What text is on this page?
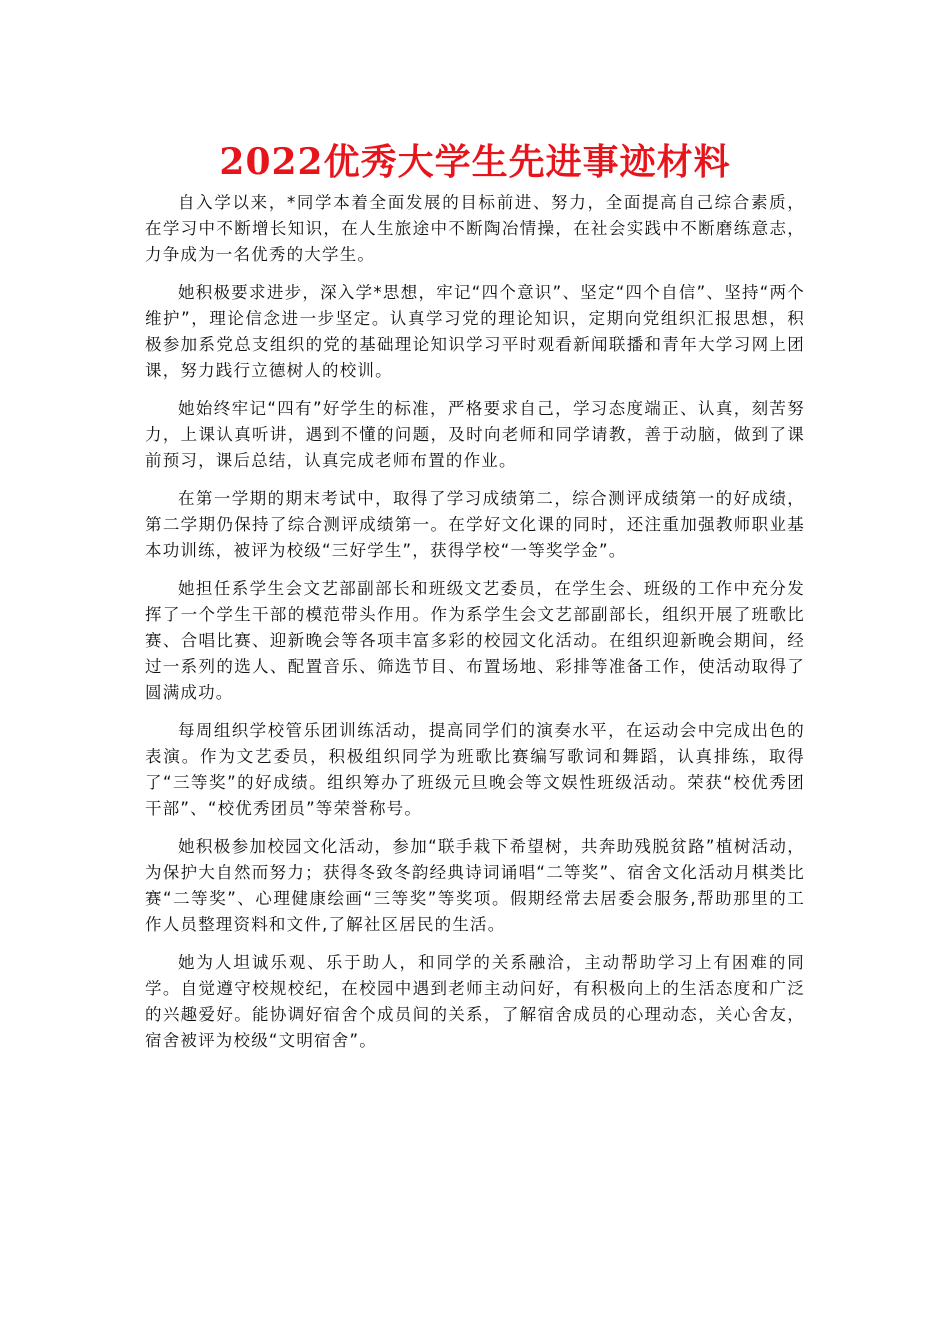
2022优秀大学生先进事迹材料

自入学以来，*同学本着全面发展的目标前进、努力，全面提高自己综合素质，在学习中不断增长知识，在人生旅途中不断陶冶情操，在社会实践中不断磨练意志，力争成为一名优秀的大学生。

她积极要求进步，深入学*思想，牢记“四个意识”、坚定“四个自信”、坚持“两个维护”，理论信念进一步坚定。认真学习党的理论知识，定期向党组织汇报思想，积极参加系党总支组织的党的基础理论知识学习平时观看新闻联播和青年大学习网上团课，努力践行立德树人的校训。

她始终牢记“四有”好学生的标准，严格要求自己，学习态度端正、认真，刻苦努力，上课认真听讲，遇到不懂的问题，及时向老师和同学请教，善于动脑，做到了课前预习，课后总结，认真完成老师布置的作业。

在第一学期的期末考试中，取得了学习成绩第二，综合测评成绩第一的好成绩，第二学期仍保持了综合测评成绩第一。在学好文化课的同时，还注重加强教师职业基本功训练，被评为校级“三好学生”，获得学校“一等奖学金”。

她担任系学生会文艺部副部长和班级文艺委员，在学生会、班级的工作中充分发挥了一个学生干部的模范带头作用。作为系学生会文艺部副部长，组织开展了班歌比赛、合唱比赛、迎新晚会等各项丰富多彩的校园文化活动。在组织迎新晚会期间，经过一系列的选人、配置音乐、筛选节目、布置场地、彩排等准备工作，使活动取得了圆满成功。

每周组织学校管乐团训练活动，提高同学们的演奏水平，在运动会中完成出色的表演。作为文艺委员，积极组织同学为班歌比赛编写歌词和舞蹈，认真排练，取得了“三等奖”的好成绩。组织筹办了班级元旦晚会等文娱性班级活动。荣获“校优秀团干部”、“校优秀团员”等荣誉称号。

她积极参加校园文化活动，参加“联手栽下希望树，共奔助残脱贫路”植树活动，为保护大自然而努力；获得冬致冬韵经典诗词诵唱“二等奖”、宿舍文化活动月棋类比赛“二等奖”、心理健康绘画“三等奖”等奖项。假期经常去居委会服务,帮助那里的工作人员整理资料和文件,了解社区居民的生活。

她为人坦诚乐观、乐于助人，和同学的关系融洽，主动帮助学习上有困难的同学。自觉遵守校规校纪，在校园中遇到老师主动问好，有积极向上的生活态度和广泛的兴趣爱好。能协调好宿舍个成员间的关系，了解宿舍成员的心理动态，关心舍友，宿舍被评为校级“文明宿舍”。
